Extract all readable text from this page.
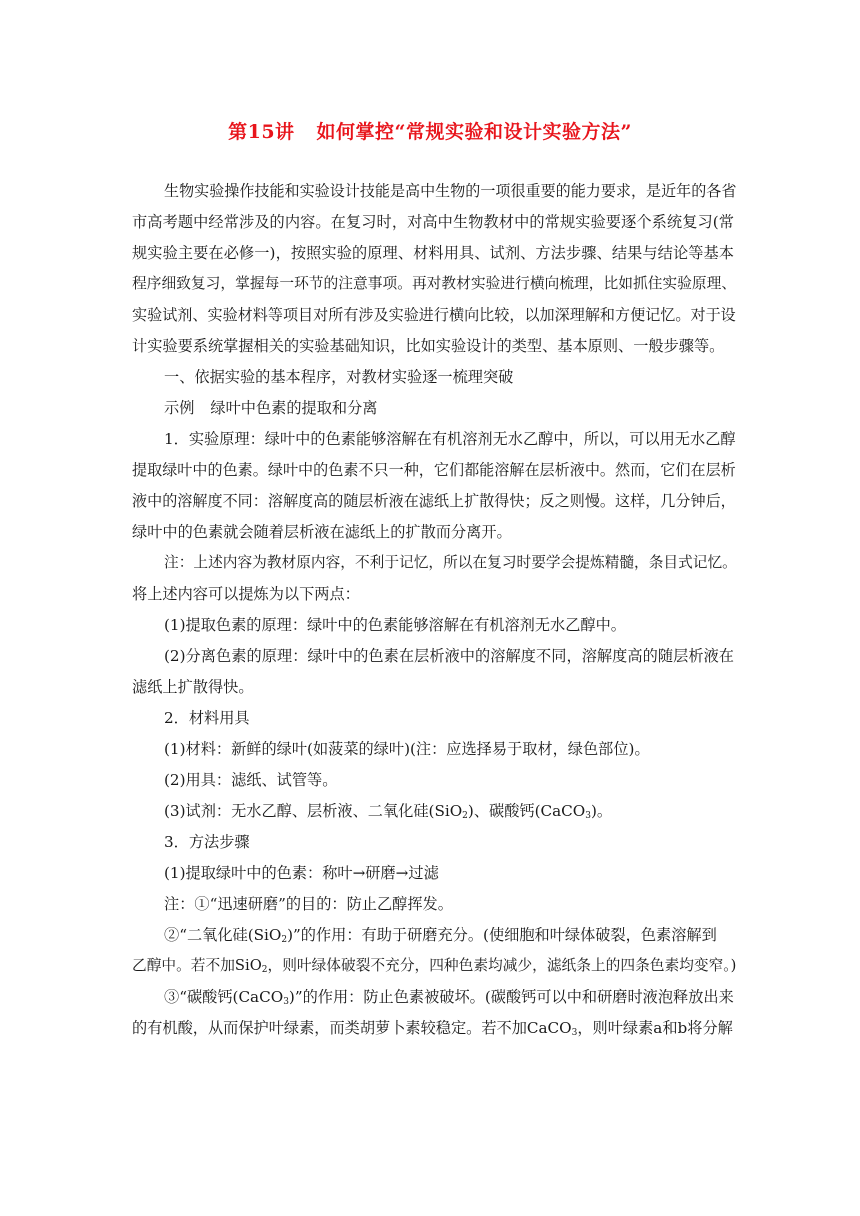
第15讲 如何掌控“常规实验和设计实验方法”
生物实验操作技能和实验设计技能是高中生物的一项很重要的能力要求，是近年的各省
市高考题中经常涉及的内容。在复习时，对高中生物教材中的常规实验要逐个系统复习(常
规实验主要在必修一)，按照实验的原理、材料用具、试剂、方法步骤、结果与结论等基本
程序细致复习，掌握每一环节的注意事项。再对教材实验进行横向梳理，比如抓住实验原理、
实验试剂、实验材料等项目对所有涉及实验进行横向比较，以加深理解和方便记忆。对于设
计实验要系统掌握相关的实验基础知识，比如实验设计的类型、基本原则、一般步骤等。
一、依据实验的基本程序，对教材实验逐一梳理突破
示例 绿叶中色素的提取和分离
1．实验原理：绿叶中的色素能够溶解在有机溶剂无水乙醇中，所以，可以用无水乙醇
提取绿叶中的色素。绿叶中的色素不只一种，它们都能溶解在层析液中。然而，它们在层析
液中的溶解度不同：溶解度高的随层析液在滤纸上扩散得快；反之则慢。这样，几分钟后，
绿叶中的色素就会随着层析液在滤纸上的扩散而分离开。
注：上述内容为教材原内容，不利于记忆，所以在复习时要学会提炼精髓，条目式记忆。
将上述内容可以提炼为以下两点：
(1)提取色素的原理：绿叶中的色素能够溶解在有机溶剂无水乙醇中。
(2)分离色素的原理：绿叶中的色素在层析液中的溶解度不同，溶解度高的随层析液在
滤纸上扩散得快。
2．材料用具
(1)材料：新鲜的绿叶(如菠菜的绿叶)(注：应选择易于取材，绿色部位)。
(2)用具：滤纸、试管等。
(3)试剂：无水乙醇、层析液、二氧化硅(SiO$_2$)、碳酸钙(CaCO$_3$)。
3．方法步骤
(1)提取绿叶中的色素：称叶→研磨→过滤
注：①“迅速研磨”的目的：防止乙醇挥发。
②“二氧化硅(SiO$_2$)”的作用：有助于研磨充分。(使细胞和叶绿体破裂，色素溶解到
乙醇中。若不加SiO$_2$，则叶绿体破裂不充分，四种色素均减少，滤纸条上的四条色素均变窄。)
③“碳酸钙(CaCO$_3$)”的作用：防止色素被破坏。(碳酸钙可以中和研磨时液泡释放出来
的有机酸，从而保护叶绿素，而类胡萝卜素较稳定。若不加CaCO$_3$，则叶绿素a和b将分解
